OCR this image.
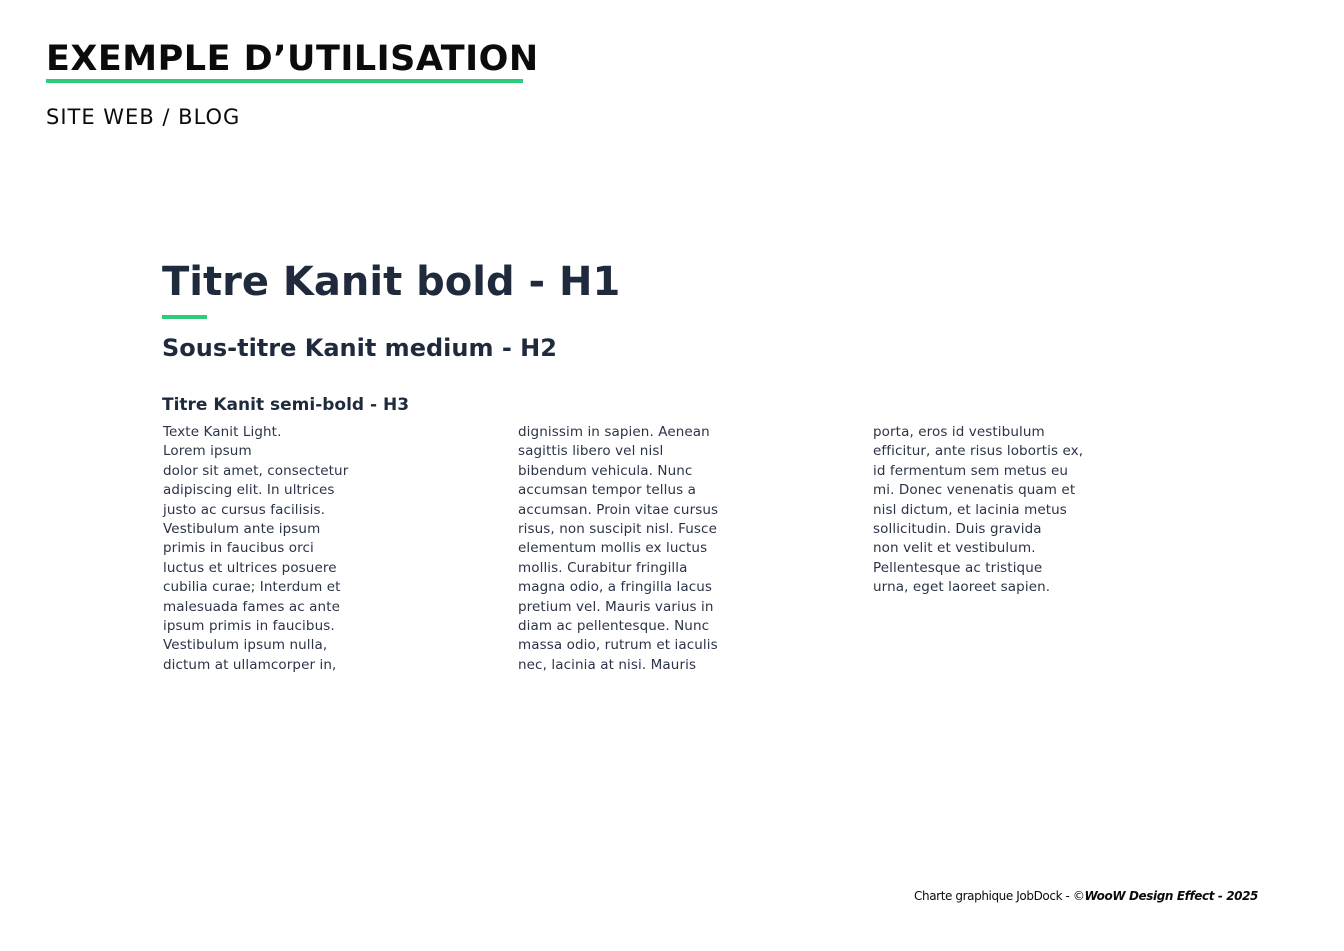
EXEMPLE D’UTILISATION
SITE WEB / BLOG
Titre Kanit bold - H1
Sous-titre Kanit medium - H2
Titre Kanit semi-bold - H3
Texte Kanit Light.
Lorem ipsum
dolor sit amet, consectetur
adipiscing elit. In ultrices
justo ac cursus facilisis.
Vestibulum ante ipsum
primis in faucibus orci
luctus et ultrices posuere
cubilia curae; Interdum et
malesuada fames ac ante
ipsum primis in faucibus.
Vestibulum ipsum nulla,
dictum at ullamcorper in,
dignissim in sapien. Aenean
sagittis libero vel nisl
bibendum vehicula. Nunc
accumsan tempor tellus a
accumsan. Proin vitae cursus
risus, non suscipit nisl. Fusce
elementum mollis ex luctus
mollis. Curabitur fringilla
magna odio, a fringilla lacus
pretium vel. Mauris varius in
diam ac pellentesque. Nunc
massa odio, rutrum et iaculis
nec, lacinia at nisi. Mauris
porta, eros id vestibulum
efficitur, ante risus lobortis ex,
id fermentum sem metus eu
mi. Donec venenatis quam et
nisl dictum, et lacinia metus
sollicitudin. Duis gravida
non velit et vestibulum.
Pellentesque ac tristique
urna, eget laoreet sapien.
Charte graphique JobDock - ©WooW Design Effect - 2025
